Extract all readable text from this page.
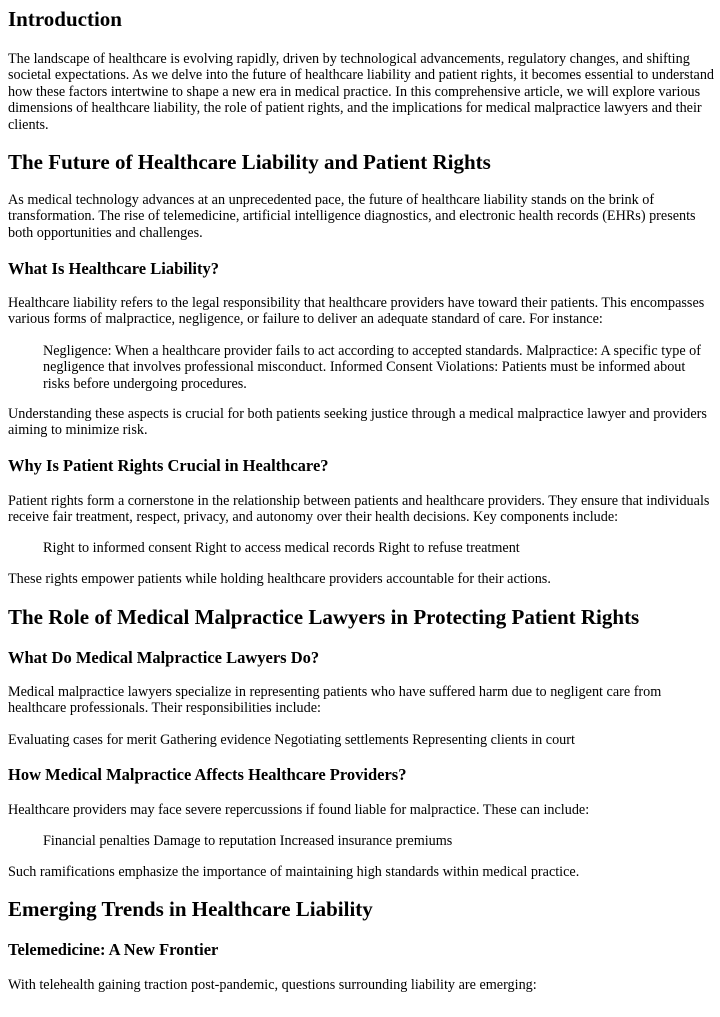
Introduction

The landscape of healthcare is evolving rapidly, driven by technological advancements, regulatory changes, and shifting societal expectations. As we delve into the future of healthcare liability and patient rights, it becomes essential to understand how these factors intertwine to shape a new era in medical practice. In this comprehensive article, we will explore various dimensions of healthcare liability, the role of patient rights, and the implications for medical malpractice lawyers and their clients.

The Future of Healthcare Liability and Patient Rights

As medical technology advances at an unprecedented pace, the future of healthcare liability stands on the brink of transformation. The rise of telemedicine, artificial intelligence diagnostics, and electronic health records (EHRs) presents both opportunities and challenges.

What Is Healthcare Liability?

Healthcare liability refers to the legal responsibility that healthcare providers have toward their patients. This encompasses various forms of malpractice, negligence, or failure to deliver an adequate standard of care. For instance:

Negligence: When a healthcare provider fails to act according to accepted standards. Malpractice: A specific type of negligence that involves professional misconduct. Informed Consent Violations: Patients must be informed about risks before undergoing procedures.

Understanding these aspects is crucial for both patients seeking justice through a medical malpractice lawyer and providers aiming to minimize risk.

Why Is Patient Rights Crucial in Healthcare?

Patient rights form a cornerstone in the relationship between patients and healthcare providers. They ensure that individuals receive fair treatment, respect, privacy, and autonomy over their health decisions. Key components include:

Right to informed consent Right to access medical records Right to refuse treatment

These rights empower patients while holding healthcare providers accountable for their actions.

The Role of Medical Malpractice Lawyers in Protecting Patient Rights
What Do Medical Malpractice Lawyers Do?

Medical malpractice lawyers specialize in representing patients who have suffered harm due to negligent care from healthcare professionals. Their responsibilities include:

Evaluating cases for merit Gathering evidence Negotiating settlements Representing clients in court

How Medical Malpractice Affects Healthcare Providers?

Healthcare providers may face severe repercussions if found liable for malpractice. These can include:

Financial penalties Damage to reputation Increased insurance premiums

Such ramifications emphasize the importance of maintaining high standards within medical practice.

Emerging Trends in Healthcare Liability
Telemedicine: A New Frontier

With telehealth gaining traction post-pandemic, questions surrounding liability are emerging:
